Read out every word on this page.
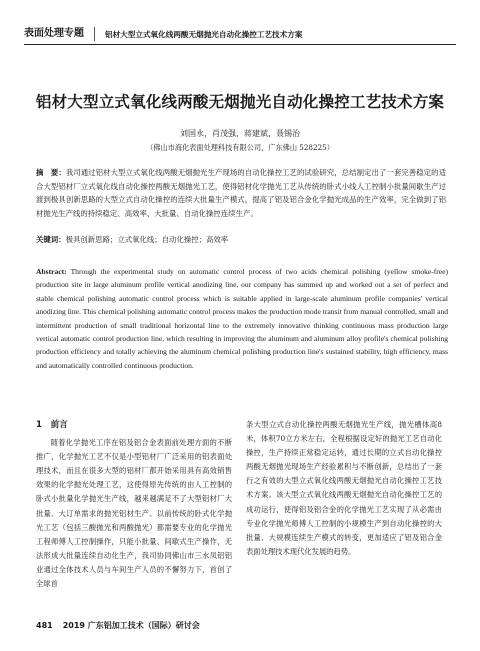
表面处理专题	铝材大型立式氧化线两酸无烟抛光自动化操控工艺技术方案
铝材大型立式氧化线两酸无烟抛光自动化操控工艺技术方案
刘国永，肖茂强，蒋建斌，聂锡治
（佛山市海化表面处理科技有限公司，广东佛山 528225）
摘　要：我司通过铝材大型立式氧化线两酸无烟抛光生产现场的自动化操控工艺的试验研究，总结制定出了一套完善稳定的适合大型铝材厂立式氧化线自动化操控两酸无烟抛光工艺，使得铝材化学抛光工艺从传统的卧式小线人工控制小批量间歇生产过渡到极具创新思路的大型立式自动化操控的连续大批量生产模式，提高了铝及铝合金化学抛光成品的生产效率，完全做到了铝材抛光生产线的持续稳定、高效率、大批量、自动化操控连续生产。
关键词：极具创新思路；立式氧化线；自动化操控；高效率
Abstract: Through the experimental study on automatic control process of two acids chemical polishing (yellow smoke-free) production site in large aluminum profile vertical anodizing line, our company has summed up and worked out a set of perfect and stable chemical polishing automatic control process which is suitable applied in large-scale aluminum profile companies' vertical anodizing line. This chemical polishing automatic control process makes the production mode transit from manual controlled, small and intermittent production of small traditional horizontal line to the extremely innovative thinking continuous mass production large vertical automatic control production line, which resulting in improving the aluminum and aluminum alloy profile's chemical polishing production efficiency and totally achieving the aluminum chemical polishing production line's sustained stability, high efficiency, mass and automatically controlled continuous production.
1　前言

随着化学抛光工序在铝及铝合金表面前处理方面的不断推广，化学抛光工艺不仅是小型铝材厂广泛采用的铝表面处理技术，而且在很多大型的铝材厂都开始采用具有高效销售效果的化学抛光处理工艺，这使得原先传统的由人工控制的卧式小批量化学抛光生产线，越来越满足不了大型铝材厂大批量、大订单需求的抛光铝材生产。以前传统的卧式化学抛光工艺（包括三酸抛光和两酸抛光）都需要专业的化学抛光工程师傅人工控制操作，只能小批量、间歇式生产操作，无法形成大批量连续自动化生产，我司协同佛山市三水凤铝铝业通过全体技术人员与车间生产人员的不懈努力下，首创了全球首

条大型立式自动化操控两酸无烟抛光生产线，抛光槽体高8米，体积70立方米左右，全程根据设定好的抛光工艺自动化操控，生产持续正常稳定运转，通过长期的立式自动化操控两酸无烟抛光现场生产经验累积与不断创新，总结出了一套行之有效的大型立式氧化线两酸无烟抛光自动化操控工艺技术方案。该大型立式氧化线两酸无烟抛光自动化操控工艺的成功运行，使得铝及铝合金的化学抛光工艺实现了从必需由专业化学抛光师傅人工控制的小规模生产到自动化操控的大批量、大规模连续生产模式的转变，更加适应了铝及铝合金表面处理技术现代化发展的趋势。

481 2019 广东铝加工技术（国际）研讨会
